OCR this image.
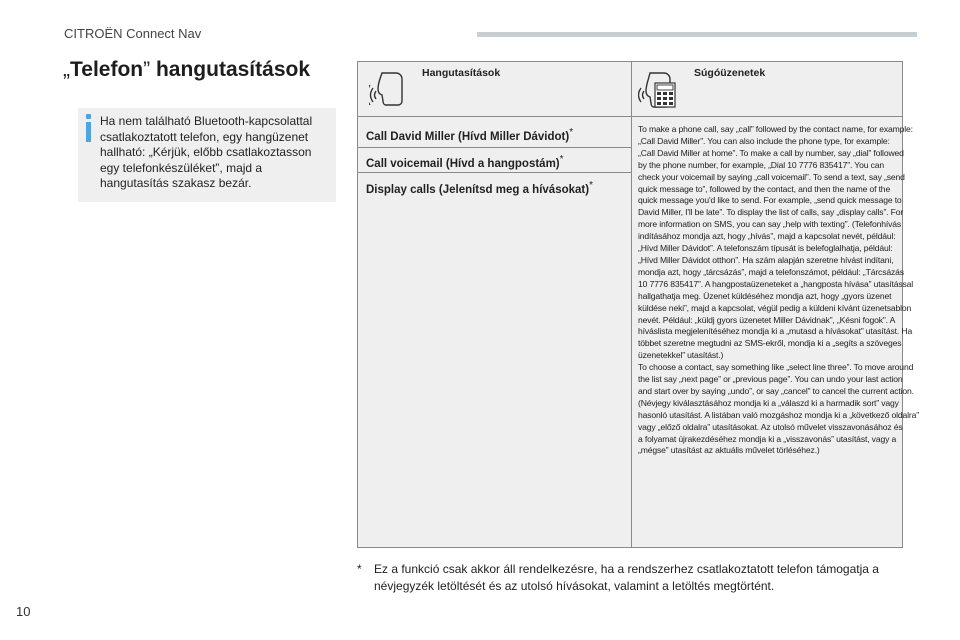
CITROËN Connect Nav
„Telefon” hangutasítások

Ha nem található Bluetooth-kapcsolattal csatlakoztatott telefon, egy hangüzenet hallható: „Kérjük, előbb csatlakoztasson egy telefonkészüléket”, majd a hangutasítás szakasz bezár.

Hangutasítások	Súgóüzenetek
Call David Miller (Hívd Miller Dávidot)*
Call voicemail (Hívd a hangpostám)*
Display calls (Jelenítsd meg a hívásokat)*
To make a phone call, say „call” followed by the contact name, for example:
„Call David Miller”. You can also include the phone type, for example:
„Call David Miller at home”. To make a call by number, say „dial” followed
by the phone number, for example, „Dial 10 7776 835417”. You can
check your voicemail by saying „call voicemail”. To send a text, say „send
quick message to”, followed by the contact, and then the name of the
quick message you'd like to send. For example, „send quick message to
David Miller, I'll be late”. To display the list of calls, say „display calls”. For
more information on SMS, you can say „help with texting”. (Telefonhívás
indításához mondja azt, hogy „hívás”, majd a kapcsolat nevét, például:
„Hívd Miller Dávidot”. A telefonszám típusát is belefoglalhatja, például:
„Hívd Miller Dávidot otthon”. Ha szám alapján szeretne hívást indítani,
mondja azt, hogy „tárcsázás”, majd a telefonszámot, például: „Tárcsázás
10 7776 835417”. A hangpostaüzeneteket a „hangposta hívása” utasítással
hallgathatja meg. Üzenet küldéséhez mondja azt, hogy „gyors üzenet
küldése neki”, majd a kapcsolat, végül pedig a küldeni kívánt üzenetsablon
nevét. Például: „küldj gyors üzenetet Miller Dávidnak”, „Késni fogok”. A
híváslista megjelenítéséhez mondja ki a „mutasd a hívásokat” utasítást. Ha
többet szeretne megtudni az SMS-ekről, mondja ki a „segíts a szöveges
üzenetekkel” utasítást.)
To choose a contact, say something like „select line three”. To move around
the list say „next page” or „previous page”. You can undo your last action
and start over by saying „undo”, or say „cancel” to cancel the current action.
(Névjegy kiválasztásához mondja ki a „válaszd ki a harmadik sort” vagy
hasonló utasítást. A listában való mozgáshoz mondja ki a „következő oldalra”
vagy „előző oldalra” utasításokat. Az utolsó művelet visszavonásához és
a folyamat újrakezdéséhez mondja ki a „visszavonás” utasítást, vagy a
„mégse” utasítást az aktuális művelet törléséhez.)
* Ez a funkció csak akkor áll rendelkezésre, ha a rendszerhez csatlakoztatott telefon támogatja a névjegyzék letöltését és az utolsó hívásokat, valamint a letöltés megtörtént.
10
